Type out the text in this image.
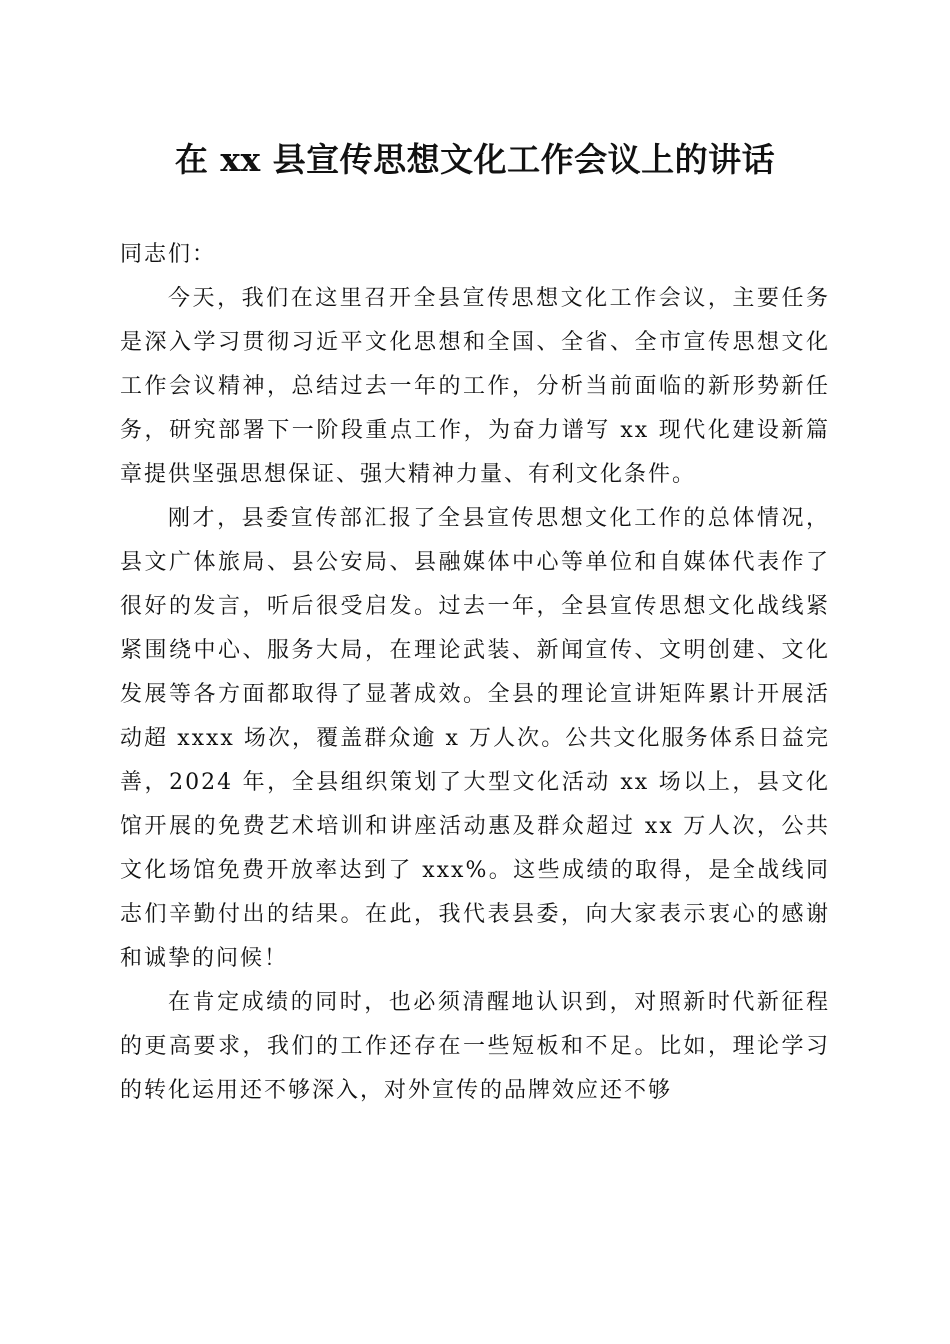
在 xx 县宣传思想文化工作会议上的讲话

同志们：

今天，我们在这里召开全县宣传思想文化工作会议，主要任务是深入学习贯彻习近平文化思想和全国、全省、全市宣传思想文化工作会议精神，总结过去一年的工作，分析当前面临的新形势新任务，研究部署下一阶段重点工作，为奋力谱写 xx 现代化建设新篇章提供坚强思想保证、强大精神力量、有利文化条件。

刚才，县委宣传部汇报了全县宣传思想文化工作的总体情况，县文广体旅局、县公安局、县融媒体中心等单位和自媒体代表作了很好的发言，听后很受启发。过去一年，全县宣传思想文化战线紧紧围绕中心、服务大局，在理论武装、新闻宣传、文明创建、文化发展等各方面都取得了显著成效。全县的理论宣讲矩阵累计开展活动超 xxxx 场次，覆盖群众逾 x 万人次。公共文化服务体系日益完善，2024 年，全县组织策划了大型文化活动 xx 场以上，县文化馆开展的免费艺术培训和讲座活动惠及群众超过 xx 万人次，公共文化场馆免费开放率达到了 xxx%。这些成绩的取得，是全战线同志们辛勤付出的结果。在此，我代表县委，向大家表示衷心的感谢和诚挚的问候！

在肯定成绩的同时，也必须清醒地认识到，对照新时代新征程的更高要求，我们的工作还存在一些短板和不足。比如，理论学习的转化运用还不够深入，对外宣传的品牌效应还不够
